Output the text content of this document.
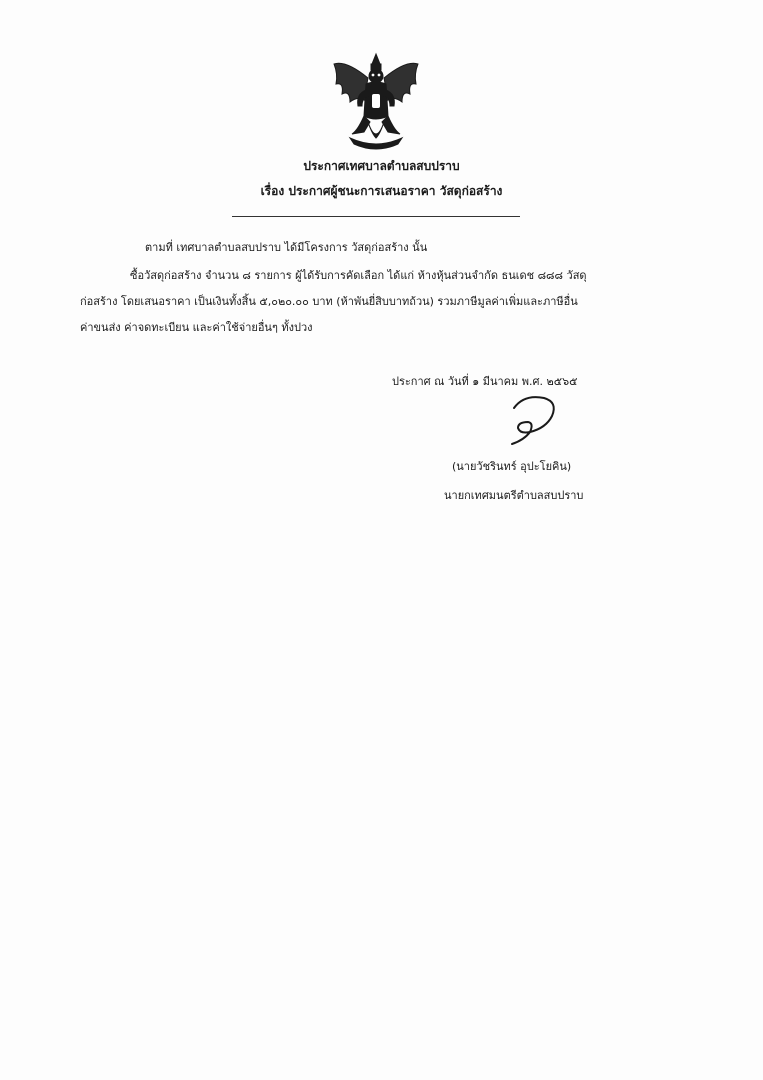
ประกาศเทศบาลตำบลสบปราบ
เรื่อง ประกาศผู้ชนะการเสนอราคา วัสดุก่อสร้าง
ตามที่ เทศบาลตำบลสบปราบ ได้มีโครงการ วัสดุก่อสร้าง นั้น
ซื้อวัสดุก่อสร้าง จำนวน ๘ รายการ ผู้ได้รับการคัดเลือก ได้แก่ ห้างหุ้นส่วนจำกัด ธนเดช ๘๘๘ วัสดุ
ก่อสร้าง โดยเสนอราคา เป็นเงินทั้งสิ้น ๕,๐๒๐.๐๐ บาท (ห้าพันยี่สิบบาทถ้วน) รวมภาษีมูลค่าเพิ่มและภาษีอื่น
ค่าขนส่ง ค่าจดทะเบียน และค่าใช้จ่ายอื่นๆ ทั้งปวง
ประกาศ ณ วันที่ ๑ มีนาคม พ.ศ. ๒๕๖๕
(นายวัชรินทร์ อุปะโยคิน)
นายกเทศมนตรีตำบลสบปราบ
